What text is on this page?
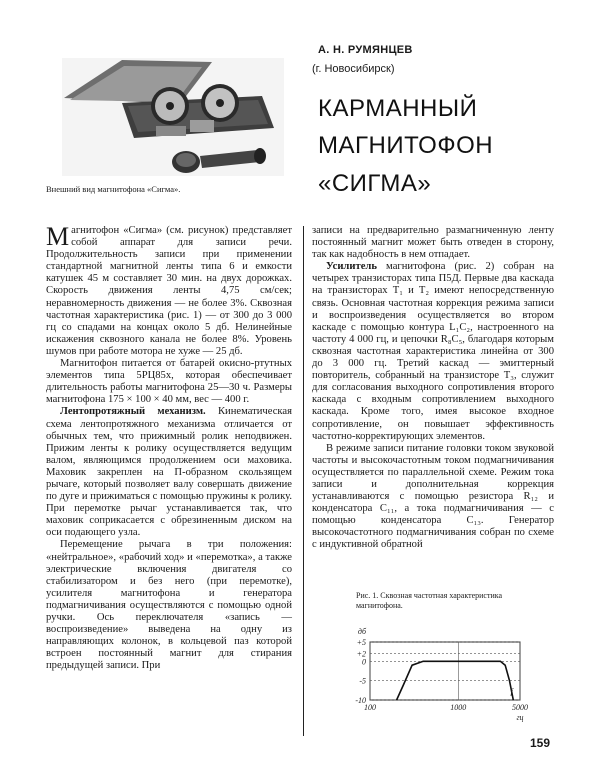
Внешний вид магнитофона «Сигма».
А. Н. РУМЯНЦЕВ
(г. Новосибирск)
КАРМАННЫЙ
МАГНИТОФОН
«СИГМА»

Магнитофон «Сигма» (см. рисунок) представляет собой аппарат для записи речи. Продолжительность записи при применении стандартной магнитной ленты типа 6 и емкости катушек 45 м составляет 30 мин. на двух дорожках. Скорость движения ленты 4,75 см/сек; неравномерность движения — не более 3%. Сквозная частотная характеристика (рис. 1) — от 300 до 3 000 гц со спадами на концах около 5 дб. Нелинейные искажения сквозного канала не более 8%. Уровень шумов при работе мотора не хуже — 25 дб.

Магнитофон питается от батарей окисно-ртутных элементов типа 5РЦ85х, которая обеспечивает длительность работы магнитофона 25—30 ч. Размеры магнитофона 175 × 100 × 40 мм, вес — 400 г.

Лентопротяжный механизм. Кинематическая схема лентопротяжного механизма отличается от обычных тем, что прижимный ролик неподвижен. Прижим ленты к ролику осуществляется ведущим валом, являющимся продолжением оси маховика. Маховик закреплен на П-образном скользящем рычаге, который позволяет валу совершать движение по дуге и прижиматься с помощью пружины к ролику. При перемотке рычаг устанавливается так, что маховик соприкасается с обрезиненным диском на оси подающего узла.

Перемещение рычага в три положения: «нейтральное», «рабочий ход» и «перемотка», а также электрические включения двигателя со стабилизатором и без него (при перемотке), усилителя магнитофона и генератора подмагничивания осуществляются с помощью одной ручки. Ось переключателя «запись — воспроизведение» выведена на одну из направляющих колонок, в кольцевой паз которой встроен постоянный магнит для стирания предыдущей записи. При

записи на предварительно размагниченную ленту постоянный магнит может быть отведен в сторону, так как надобность в нем отпадает.

Усилитель магнитофона (рис. 2) собран на четырех транзисторах типа П5Д. Первые два каскада на транзисторах T₁ и T₂ имеют непосредственную связь. Основная частотная коррекция режима записи и воспроизведения осуществляется во втором каскаде с помощью контура L₁C₂, настроенного на частоту 4 000 гц, и цепочки R₈C₅, благодаря которым сквозная частотная характеристика линейна от 300 до 3 000 гц. Третий каскад — эмиттерный повторитель, собранный на транзисторе T₃, служит для согласования выходного сопротивления второго каскада с входным сопротивлением выходного каскада. Кроме того, имея высокое входное сопротивление, он повышает эффективность частотно-корректирующих элементов.

В режиме записи питание головки током звуковой частоты и высокочастотным током подмагничивания осуществляется по параллельной схеме. Режим тока записи и дополнительная коррекция устанавливаются с помощью резистора R₁₂ и конденсатора C₁₁, а тока подмагничивания — с помощью конденсатора C₁₃. Генератор высокочастотного подмагничивания собран по схеме с индуктивной обратной

Рис. 1. Сквозная частотная характеристика магнитофона.
+5
+2
0
-5
-10
100	1000	5000
дб
гц
f
159
